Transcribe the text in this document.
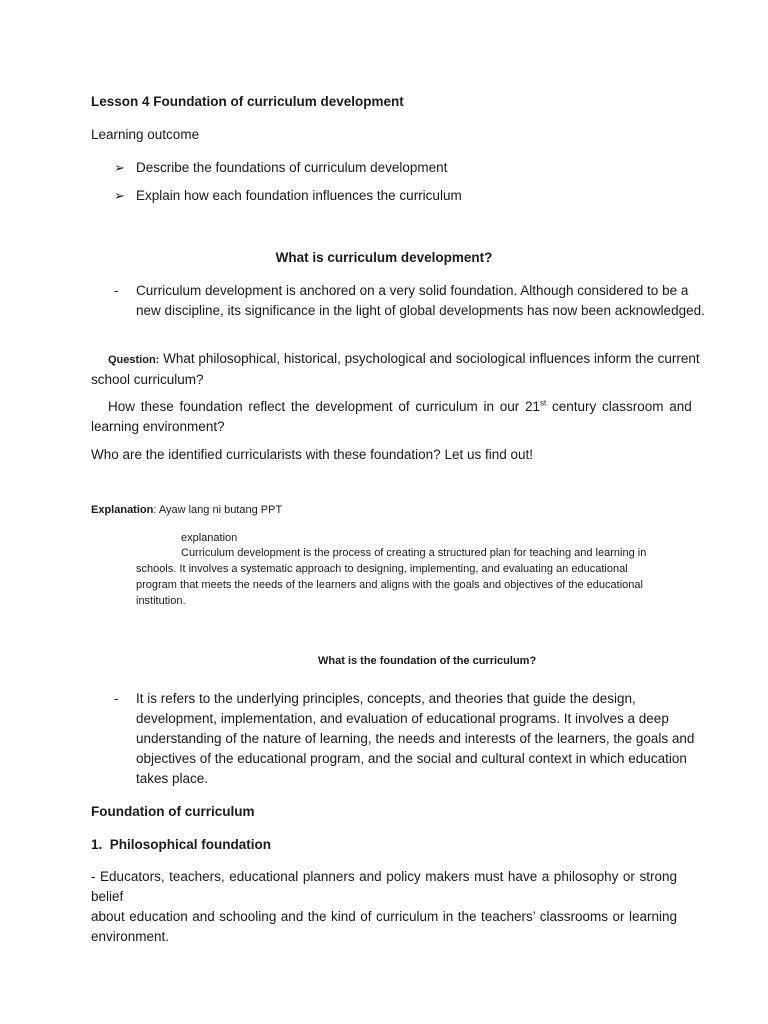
Lesson 4 Foundation of curriculum development
Learning outcome
➢ Describe the foundations of curriculum development
➢ Explain how each foundation influences the curriculum
What is curriculum development?
- Curriculum development is anchored on a very solid foundation. Although considered to be a
new discipline, its significance in the light of global developments has now been acknowledged.
Question: What philosophical, historical, psychological and sociological influences inform the current
school curriculum?
How these foundation reflect the development of curriculum in our 21st century classroom and
learning environment?
Who are the identified curricularists with these foundation? Let us find out!
Explanation: Ayaw lang ni butang PPT
explanation
Curriculum development is the process of creating a structured plan for teaching and learning in
schools. It involves a systematic approach to designing, implementing, and evaluating an educational
program that meets the needs of the learners and aligns with the goals and objectives of the educational
institution.
What is the foundation of the curriculum?
- It is refers to the underlying principles, concepts, and theories that guide the design,
development, implementation, and evaluation of educational programs. It involves a deep
understanding of the nature of learning, the needs and interests of the learners, the goals and
objectives of the educational program, and the social and cultural context in which education
takes place.
Foundation of curriculum
1.  Philosophical foundation
- Educators, teachers, educational planners and policy makers must have a philosophy or strong belief
about education and schooling and the kind of curriculum in the teachers’ classrooms or learning
environment.
